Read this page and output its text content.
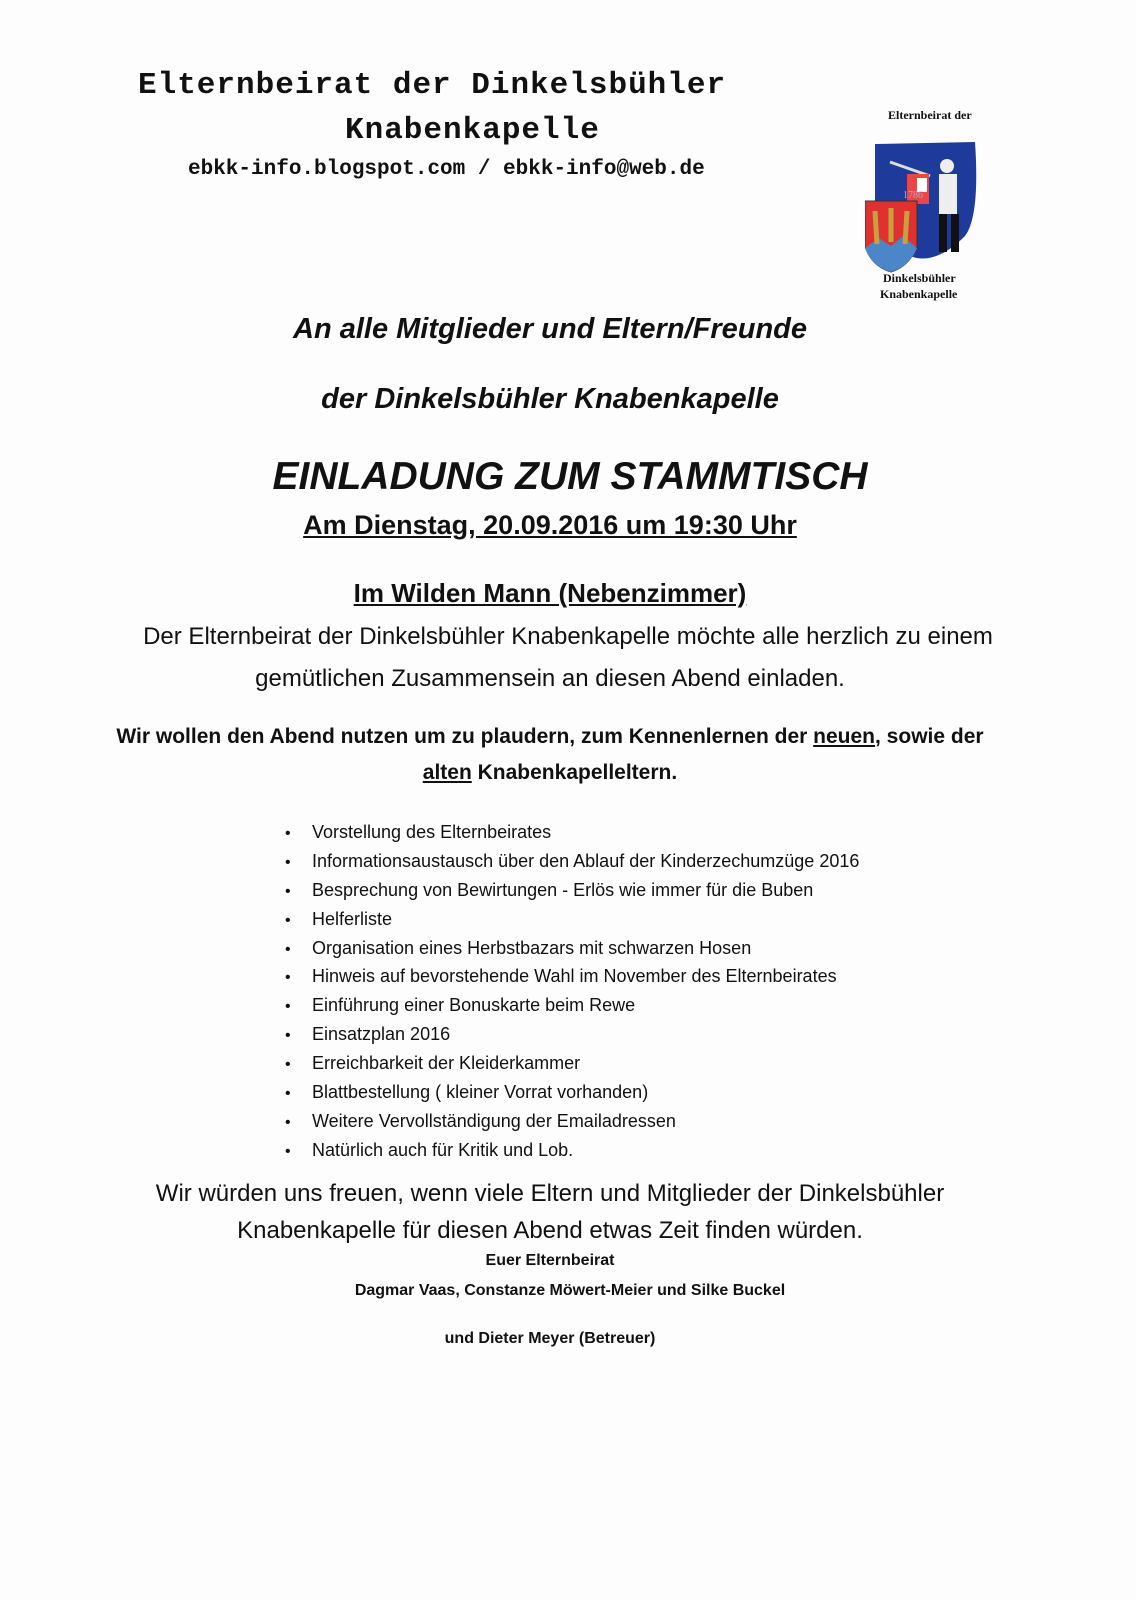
Elternbeirat der Dinkelsbühler
Knabenkapelle
ebkk-info.blogspot.com / ebkk-info@web.de
Elternbeirat der
1786
Dinkelsbühler
Knabenkapelle
An alle Mitglieder und Eltern/Freunde
der Dinkelsbühler Knabenkapelle
EINLADUNG ZUM STAMMTISCH
Am Dienstag, 20.09.2016 um 19:30 Uhr
Im Wilden Mann (Nebenzimmer)
Der Elternbeirat der Dinkelsbühler Knabenkapelle möchte alle herzlich zu einem
gemütlichen Zusammensein an diesen Abend einladen.
Wir wollen den Abend nutzen um zu plaudern, zum Kennenlernen der neuen, sowie der
alten Knabenkapelleltern.
• Vorstellung des Elternbeirates
• Informationsaustausch über den Ablauf der Kinderzechumzüge 2016
• Besprechung von Bewirtungen - Erlös wie immer für die Buben
• Helferliste
• Organisation eines Herbstbazars mit schwarzen Hosen
• Hinweis auf bevorstehende Wahl im November des Elternbeirates
• Einführung einer Bonuskarte beim Rewe
• Einsatzplan 2016
• Erreichbarkeit der Kleiderkammer
• Blattbestellung ( kleiner Vorrat vorhanden)
• Weitere Vervollständigung der Emailadressen
• Natürlich auch für Kritik und Lob.
Wir würden uns freuen, wenn viele Eltern und Mitglieder der Dinkelsbühler
Knabenkapelle für diesen Abend etwas Zeit finden würden.
Euer Elternbeirat
Dagmar Vaas, Constanze Möwert-Meier und Silke Buckel
und Dieter Meyer (Betreuer)
